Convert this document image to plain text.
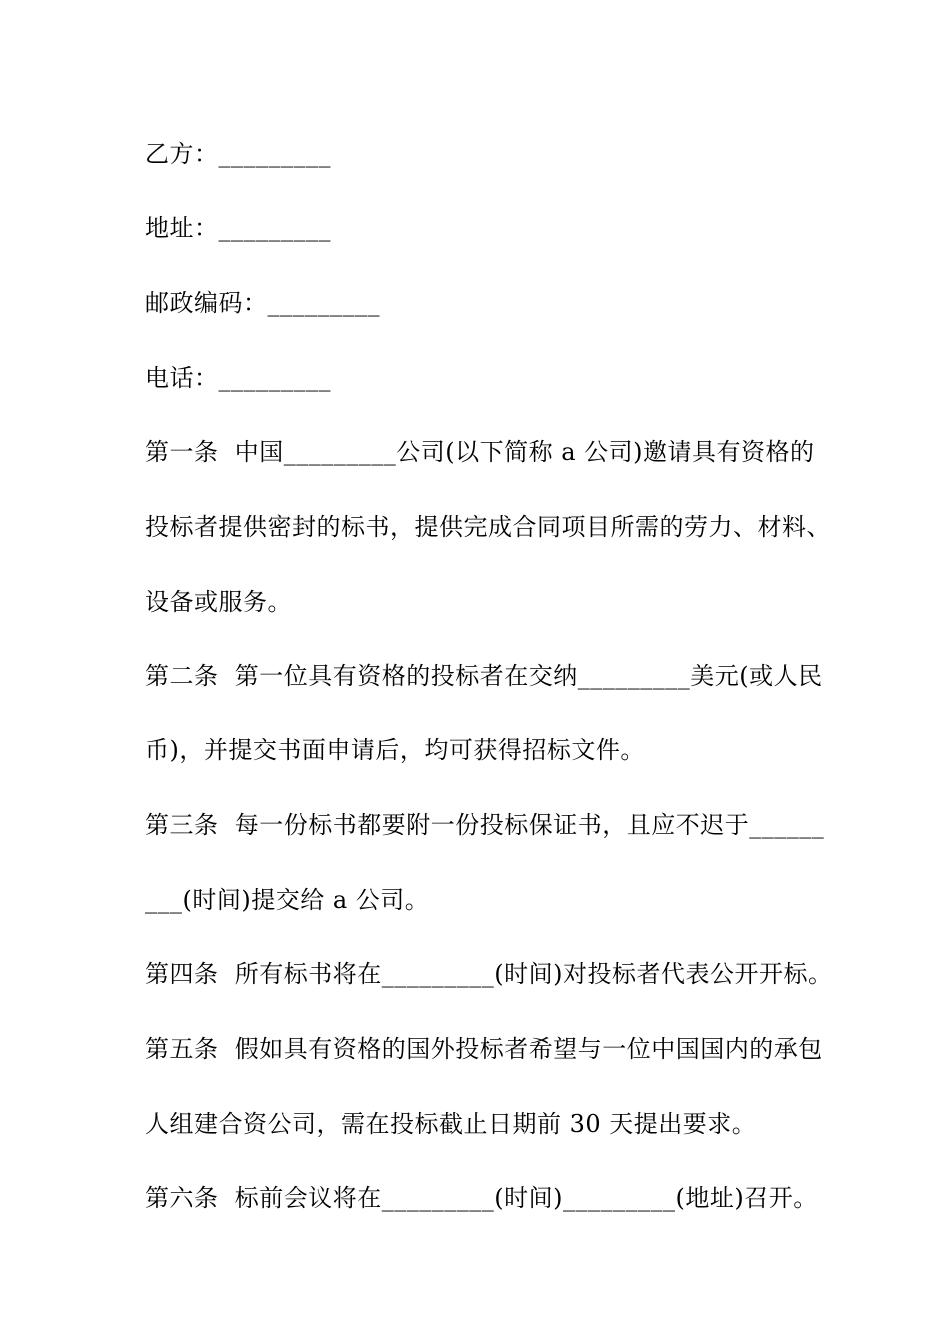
乙方：_________
地址：_________
邮政编码：_________
电话：_________
第一条  中国_________公司(以下简称 a 公司)邀请具有资格的
投标者提供密封的标书，提供完成合同项目所需的劳力、材料、
设备或服务。
第二条  第一位具有资格的投标者在交纳_________美元(或人民
币)，并提交书面申请后，均可获得招标文件。
第三条  每一份标书都要附一份投标保证书，且应不迟于______
___(时间)提交给 a 公司。
第四条  所有标书将在_________(时间)对投标者代表公开开标。
第五条  假如具有资格的国外投标者希望与一位中国国内的承包
人组建合资公司，需在投标截止日期前 30 天提出要求。
第六条  标前会议将在_________(时间)_________(地址)召开。
